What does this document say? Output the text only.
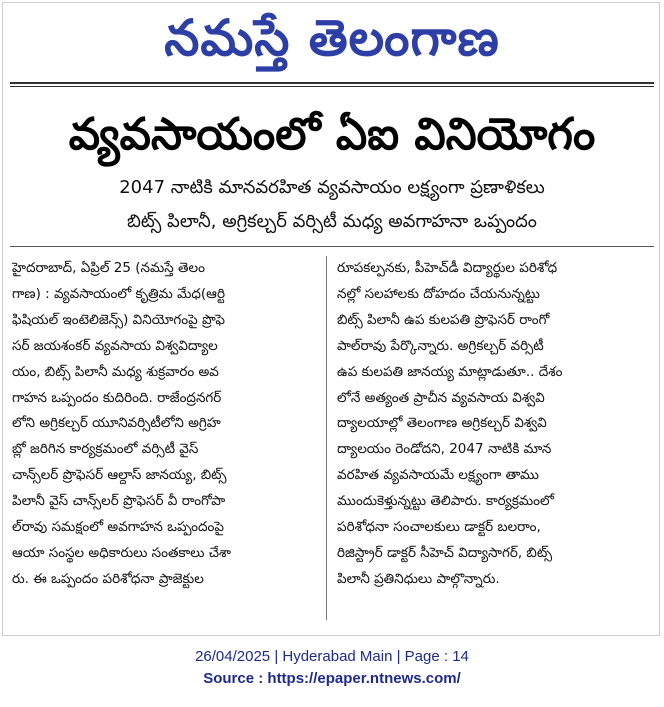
నమస్తే తెలంగాణ
వ్యవసాయంలో ఏఐ వినియోగం
2047 నాటికి మానవరహిత వ్యవసాయం లక్ష్యంగా ప్రణాళికలు
బిట్స్ పిలానీ, అగ్రికల్చర్ వర్సిటీ మధ్య అవగాహనా ఒప్పందం
హైదరాబాద్, ఏప్రిల్ 25 (నమస్తే తెలం
గాణ) : వ్యవసాయంలో కృత్రిమ మేధ(ఆర్టి
ఫిషియల్ ఇంటెలిజెన్స్) వినియోగంపై ప్రొఫె
సర్ జయశంకర్ వ్యవసాయ విశ్వవిద్యాల
యం, బిట్స్ పిలానీ మధ్య శుక్రవారం అవ
గాహన ఒప్పందం కుదిరింది. రాజేంద్రనగర్
లోని అగ్రికల్చర్ యూనివర్సిటీలోని అగ్రిహ
బ్లో జరిగిన కార్యక్రమంలో వర్సిటీ వైస్
చాన్స్‌లర్ ప్రొఫెసర్ ఆల్దాస్ జానయ్య, బిట్స్
పిలానీ వైస్ చాన్స్‌లర్ ప్రొఫెసర్ వీ రాంగోపా
ల్‌రావు సమక్షంలో అవగాహన ఒప్పందంపై
ఆయా సంస్థల అధికారులు సంతకాలు చేశా
రు. ఈ ఒప్పందం పరిశోధనా ప్రాజెక్టుల
రూపకల్పనకు, పీహెచ్‌డీ విద్యార్థుల పరిశోధ
నల్లో సలహాలకు దోహదం చేయనున్నట్టు
బిట్స్ పిలానీ ఉప కులపతి ప్రొఫెసర్ రాంగో
పాల్‌రావు పేర్కొన్నారు. అగ్రికల్చర్ వర్సిటీ
ఉప కులపతి జానయ్య మాట్లాడుతూ.. దేశం
లోనే అత్యంత ప్రాచీన వ్యవసాయ విశ్వవి
ద్యాలయాల్లో తెలంగాణ అగ్రికల్చర్ విశ్వవి
ద్యాలయం రెండోదని, 2047 నాటికి మాన
వరహిత వ్యవసాయమే లక్ష్యంగా తాము
ముందుకెళ్తున్నట్టు తెలిపారు. కార్యక్రమంలో
పరిశోధనా సంచాలకులు డాక్టర్ బలరాం,
రిజిస్ట్రార్ డాక్టర్ సీహెచ్ విద్యాసాగర్, బిట్స్
పిలానీ ప్రతినిధులు పాల్గొన్నారు.
26/04/2025 | Hyderabad Main | Page : 14
Source : https://epaper.ntnews.com/
